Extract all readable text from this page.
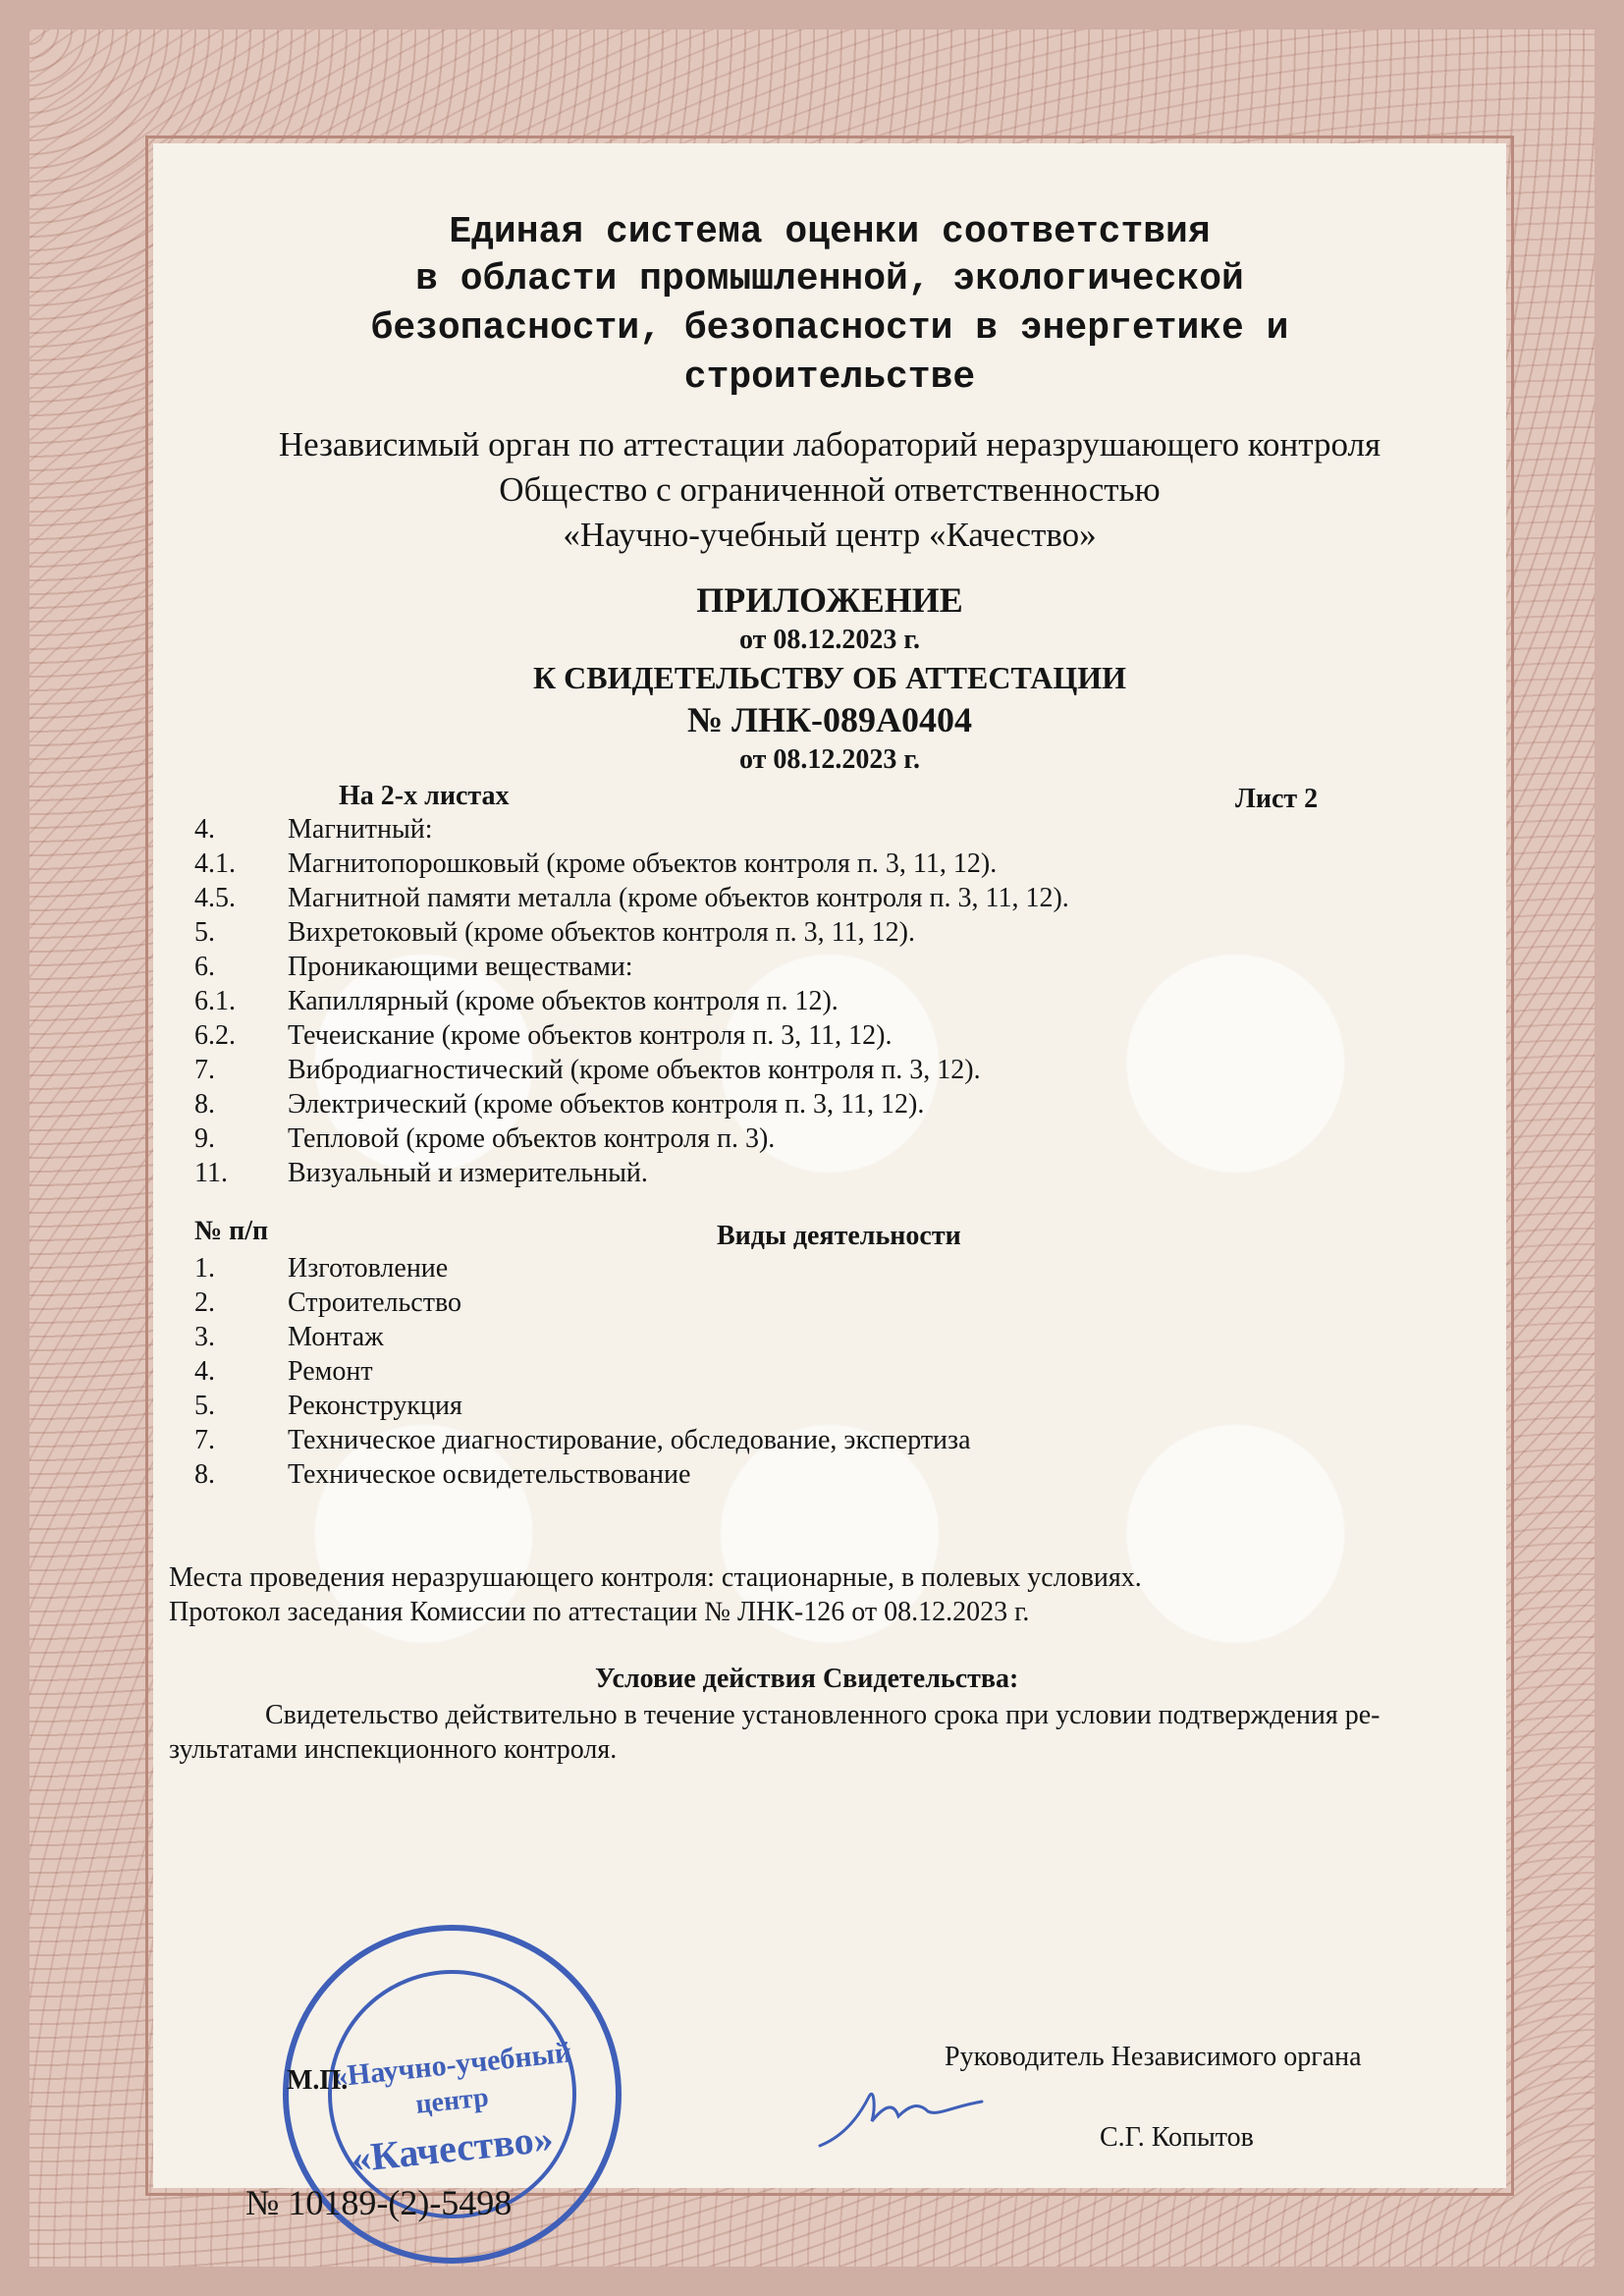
Единая система оценки соответствия
в области промышленной, экологической
безопасности, безопасности в энергетике и
строительстве
Независимый орган по аттестации лабораторий неразрушающего контроля
Общество с ограниченной ответственностью
«Научно-учебный центр «Качество»
ПРИЛОЖЕНИЕ
от 08.12.2023 г.
К СВИДЕТЕЛЬСТВУ ОБ АТТЕСТАЦИИ
№ ЛНК-089А0404
от 08.12.2023 г.
На 2-х листах	Лист 2
4.	Магнитный:
4.1. Магнитопорошковый (кроме объектов контроля п. 3, 11, 12).
4.5. Магнитной памяти металла (кроме объектов контроля п. 3, 11, 12).
5.	Вихретоковый (кроме объектов контроля п. 3, 11, 12).
6.	Проникающими веществами:
6.1. Капиллярный (кроме объектов контроля п. 12).
6.2. Течеискание (кроме объектов контроля п. 3, 11, 12).
7.	Вибродиагностический (кроме объектов контроля п. 3, 12).
8.	Электрический (кроме объектов контроля п. 3, 11, 12).
9.	Тепловой (кроме объектов контроля п. 3).
11. Визуальный и измерительный.
№ п/п	Виды деятельности
1.	Изготовление
2.	Строительство
3.	Монтаж
4.	Ремонт
5.	Реконструкция
7.	Техническое диагностирование, обследование, экспертиза
8.	Техническое освидетельствование
Места проведения неразрушающего контроля: стационарные, в полевых условиях.
Протокол заседания Комиссии по аттестации № ЛНК-126 от 08.12.2023 г.
Условие действия Свидетельства:
Свидетельство действительно в течение установленного срока при условии подтверждения ре-
зультатами инспекционного контроля.
«Научно-учебный
центр
«Качество»
М.П.
Руководитель Независимого органа
С.Г. Копытов
№ 10189-(2)-5498
